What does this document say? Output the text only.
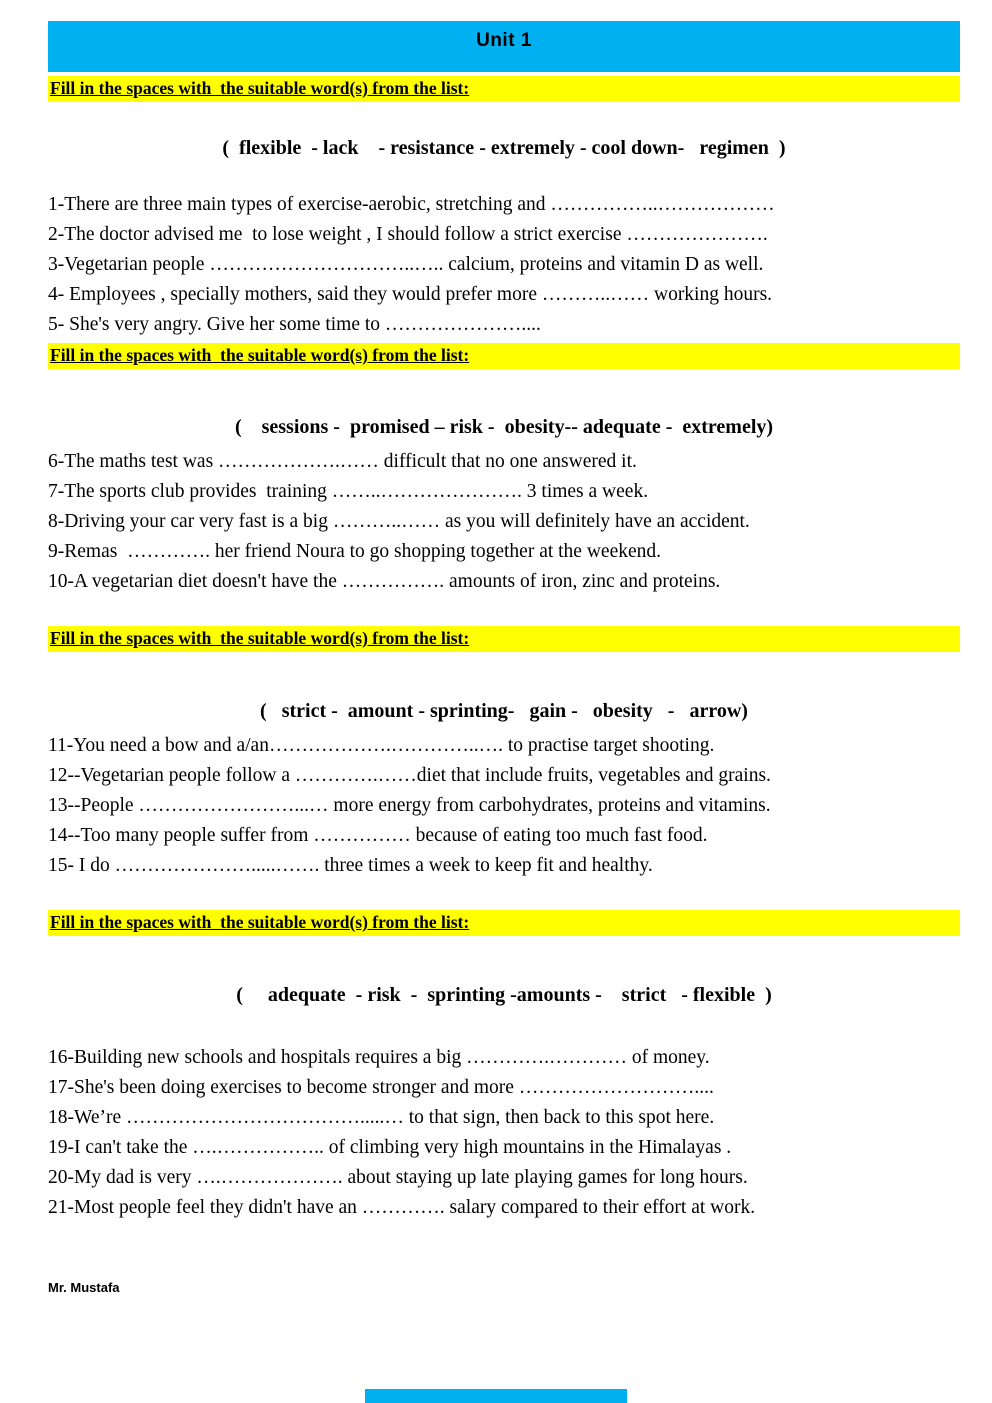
Unit 1
Fill in the spaces with  the suitable word(s) from the list:
(  flexible  - lack    - resistance - extremely - cool down-   regimen  )

1-There are three main types of exercise-aerobic, stretching and ……………..………………

2-The doctor advised me  to lose weight , I should follow a strict exercise ………………….

3-Vegetarian people …………………………..….. calcium, proteins and vitamin D as well.

4- Employees , specially mothers, said they would prefer more ………..…… working hours.

5- She's very angry. Give her some time to …………………....

Fill in the spaces with  the suitable word(s) from the list:
(    sessions -  promised – risk -  obesity-- adequate -  extremely)

6-The maths test was ……………….…… difficult that no one answered it.

7-The sports club provides  training ……..…………………. 3 times a week.

8-Driving your car very fast is a big ………..…… as you will definitely have an accident.

9-Remas  …………. her friend Noura to go shopping together at the weekend.

10-A vegetarian diet doesn't have the ……………. amounts of iron, zinc and proteins.

Fill in the spaces with  the suitable word(s) from the list:
(   strict -  amount - sprinting-   gain -   obesity   -   arrow)

11-You need a bow and a/an……………….…………..…. to practise target shooting.

12--Vegetarian people follow a ………….……diet that include fruits, vegetables and grains.

13--People ……………………...… more energy from carbohydrates, proteins and vitamins.

14--Too many people suffer from …………… because of eating too much fast food.

15- I do ………………….....……. three times a week to keep fit and healthy.

Fill in the spaces with  the suitable word(s) from the list:
(     adequate  - risk  -  sprinting -amounts -    strict   - flexible  )

16-Building new schools and hospitals requires a big ………….………… of money.

17-She's been doing exercises to become stronger and more ………………………....

18-We’re ……………………………….....… to that sign, then back to this spot here.

19-I can't take the ….…………….. of climbing very high mountains in the Himalayas .

20-My dad is very ….………………. about staying up late playing games for long hours.

21-Most people feel they didn't have an …………. salary compared to their effort at work.

Mr. Mustafa
